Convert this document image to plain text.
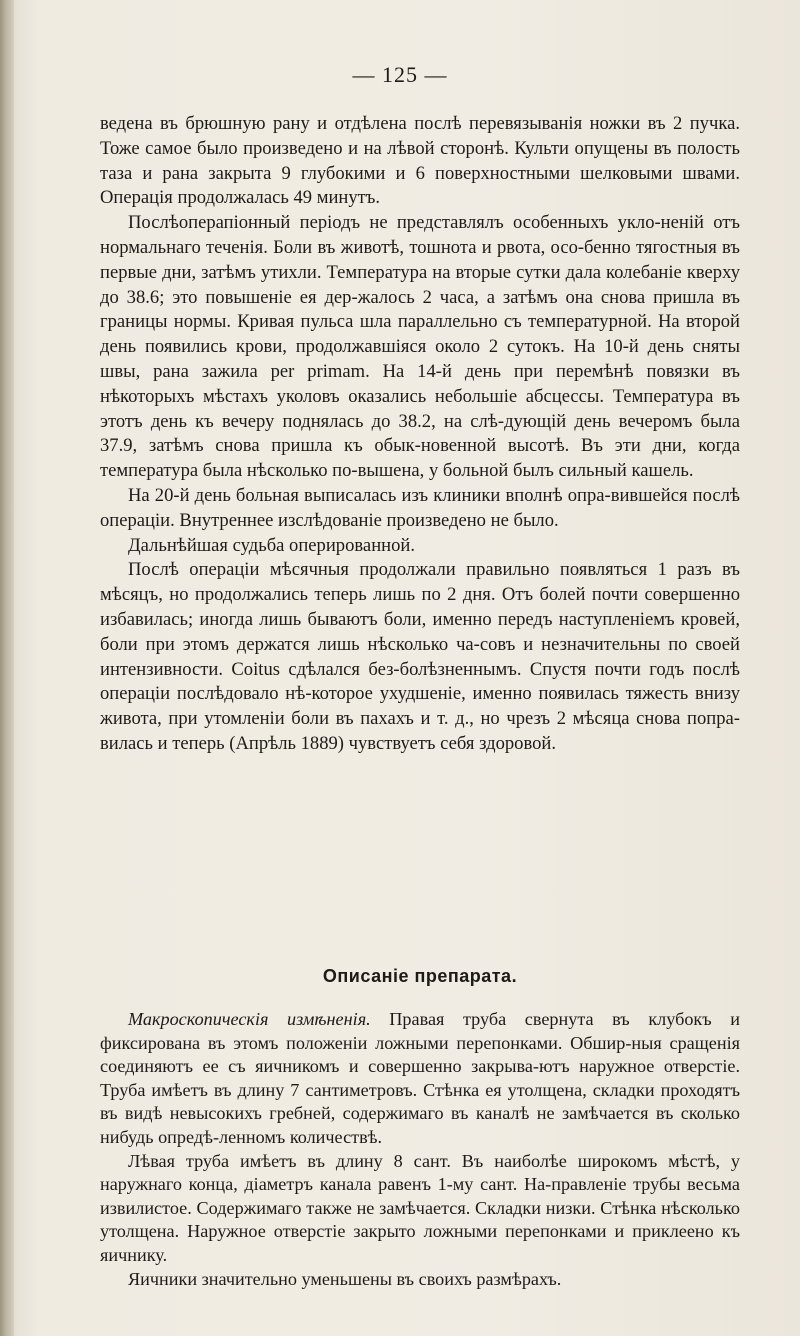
— 125 —

ведена въ брюшную рану и отдѣлена послѣ перевязыванія ножки въ 2 пучка. Тоже самое было произведено и на лѣвой сторонѣ. Культи опущены въ полость таза и рана закрыта 9 глубокими и 6 поверхностными шелковыми швами. Операція продолжалась 49 минутъ.

Послѣоперапіонный періодъ не представлялъ особенныхъ укло-неній отъ нормальнаго теченія. Боли въ животѣ, тошнота и рвота, осо-бенно тягостныя въ первые дни, затѣмъ утихли. Температура на вторые сутки дала колебаніе кверху до 38.6; это повышеніе ея дер-жалось 2 часа, а затѣмъ она снова пришла въ границы нормы. Кривая пульса шла параллельно съ температурной. На второй день появились крови, продолжавшіяся около 2 сутокъ. На 10-й день сняты швы, рана зажила per primam. На 14-й день при перемѣнѣ повязки въ нѣкоторыхъ мѣстахъ уколовъ оказались небольшіе абсцессы. Температура въ этотъ день къ вечеру поднялась до 38.2, на слѣ-дующій день вечеромъ была 37.9, затѣмъ снова пришла къ обык-новенной высотѣ. Въ эти дни, когда температура была нѣсколько по-вышена, у больной былъ сильный кашель.

На 20-й день больная выписалась изъ клиники вполнѣ опра-вившейся послѣ операціи. Внутреннее изслѣдованіе произведено не было.

Дальнѣйшая судьба оперированной.

Послѣ операціи мѣсячныя продолжали правильно появляться 1 разъ въ мѣсяцъ, но продолжались теперь лишь по 2 дня. Отъ болей почти совершенно избавилась; иногда лишь бываютъ боли, именно передъ наступленіемъ кровей, боли при этомъ держатся лишь нѣсколько ча-совъ и незначительны по своей интензивности. Coitus сдѣлался без-болѣзненнымъ. Спустя почти годъ послѣ операціи послѣдовало нѣ-которое ухудшеніе, именно появилась тяжесть внизу живота, при утомленіи боли въ пахахъ и т. д., но чрезъ 2 мѣсяца снова попра-вилась и теперь (Апрѣль 1889) чувствуетъ себя здоровой.

Описаніе препарата.

Макроскопическія измѣненія. Правая труба свернута въ клубокъ и фиксирована въ этомъ положеніи ложными перепонками. Обшир-ныя сращенія соединяютъ ее съ яичникомъ и совершенно закрыва-ютъ наружное отверстіе. Труба имѣетъ въ длину 7 сантиметровъ. Стѣнка ея утолщена, складки проходятъ въ видѣ невысокихъ гребней, содержимаго въ каналѣ не замѣчается въ сколько нибудь опредѣ-ленномъ количествѣ.

Лѣвая труба имѣетъ въ длину 8 сант. Въ наиболѣе широкомъ мѣстѣ, у наружнаго конца, діаметръ канала равенъ 1-му сант. На-правленіе трубы весьма извилистое. Содержимаго также не замѣчается. Складки низки. Стѣнка нѣсколько утолщена. Наружное отверстіе закрыто ложными перепонками и приклеено къ яичнику.

Яичники значительно уменьшены въ своихъ размѣрахъ.
